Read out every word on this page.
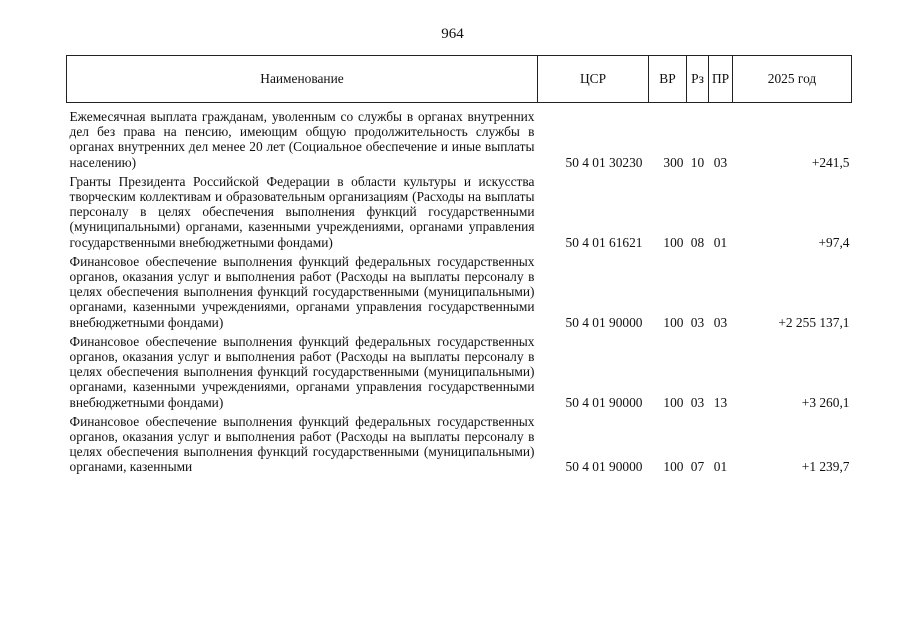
964
Наименование	ЦСР	ВР	Рз	ПР	2025 год
Ежемесячная выплата гражданам, уволенным со службы в органах внутренних дел без права на пенсию, имеющим общую продолжительность службы в органах внутренних дел менее 20 лет (Социальное обеспечение и иные выплаты населению)	50 4 01 30230	300	10	03	+241,5
Гранты Президента Российской Федерации в области культуры и искусства творческим коллективам и образовательным организациям (Расходы на выплаты персоналу в целях обеспечения выполнения функций государственными (муниципальными) органами, казенными учреждениями, органами управления государственными внебюджетными фондами)	50 4 01 61621	100	08	01	+97,4
Финансовое обеспечение выполнения функций федеральных государственных органов, оказания услуг и выполнения работ (Расходы на выплаты персоналу в целях обеспечения выполнения функций государственными (муниципальными) органами, казенными учреждениями, органами управления государственными внебюджетными фондами)	50 4 01 90000	100	03	03	+2 255 137,1
Финансовое обеспечение выполнения функций федеральных государственных органов, оказания услуг и выполнения работ (Расходы на выплаты персоналу в целях обеспечения выполнения функций государственными (муниципальными) органами, казенными учреждениями, органами управления государственными внебюджетными фондами)	50 4 01 90000	100	03	13	+3 260,1
Финансовое обеспечение выполнения функций федеральных государственных органов, оказания услуг и выполнения работ (Расходы на выплаты персоналу в целях обеспечения выполнения функций государственными (муниципальными) органами, казенными	50 4 01 90000	100	07	01	+1 239,7
